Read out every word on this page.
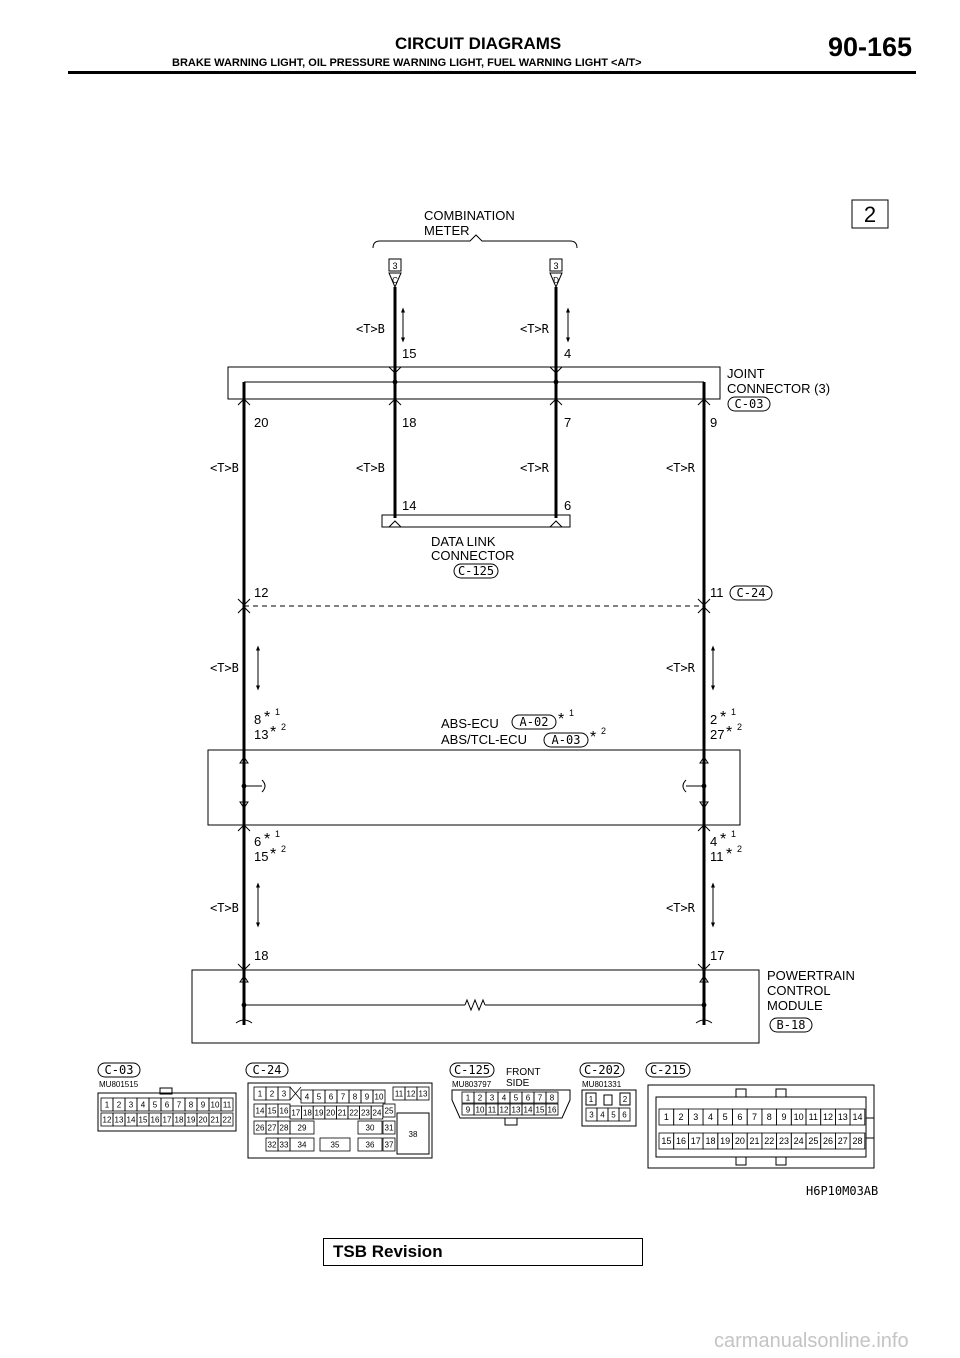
CIRCUIT DIAGRAMS
BRAKE WARNING LIGHT, OIL PRESSURE WARNING LIGHT, FUEL WARNING LIGHT <A/T>
90-165
2
COMBINATION
METER
3
C
3
D
<T>B	<T>R
<T>B	<T>B	<T>R	<T>R
<T>B	<T>R
<T>B	<T>R
15	4
20	18	7	9
14	6
12	11
18	17
JOINT
CONNECTOR (3)
C-03
DATA LINK
CONNECTOR
C-125
C-24
8 * 1
13 * 2	2 * 1
27 * 2
ABS-ECU A-02 * 1
ABS/TCL-ECU A-03 * 2
6 * 1
15 * 2	4 * 1
11 * 2
POWERTRAIN
CONTROL
MODULE
B-18
C-03
MU801515
1 2 3 4 5 6 7 8 9 10 11
12 13 14 15 16 17 18 19 20 21 22
C-24
1 2 3 4 5 6 7 8 9 10 11 12 13
14 15 16 17 18 19 20 21 22 23 24 25
26 27 28 29	30 31
32 33 34	35	36 37
38
C-125 FRONT
SIDE
MU803797
1 2 3 4 5 6 7 8
9 10 11 12 13 14 15 16
C-202
MU801331
1	2
3 4 5 6
C-215
1 2 3 4 5 6 7 8 9 10 11 12 13 14
15 16 17 18 19 20 21 22 23 24 25 26 27 28
H6P10M03AB
TSB Revision
carmanualsonline.info
